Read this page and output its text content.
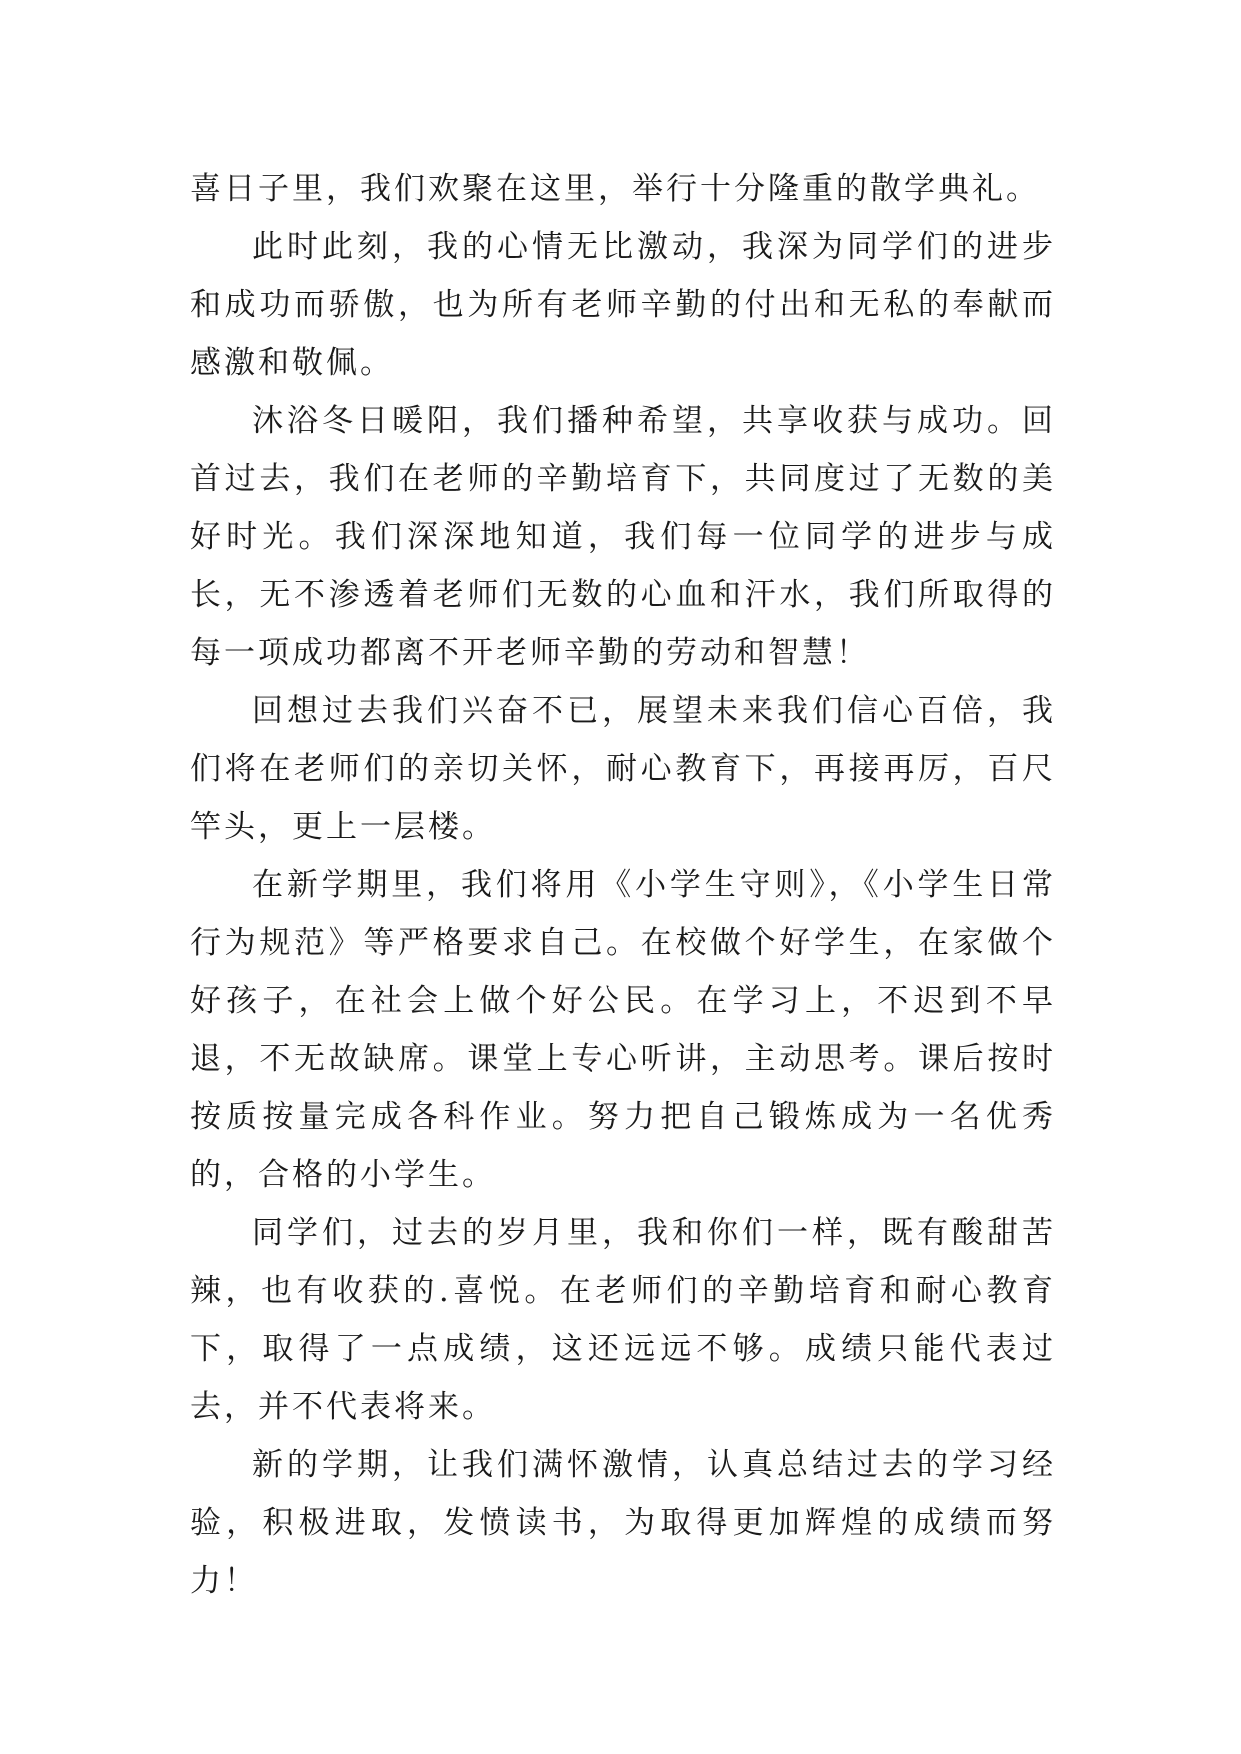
喜日子里，我们欢聚在这里，举行十分隆重的散学典礼。

此时此刻，我的心情无比激动，我深为同学们的进步和成功而骄傲，也为所有老师辛勤的付出和无私的奉献而感激和敬佩。

沐浴冬日暖阳，我们播种希望，共享收获与成功。回首过去，我们在老师的辛勤培育下，共同度过了无数的美好时光。我们深深地知道，我们每一位同学的进步与成长，无不渗透着老师们无数的心血和汗水，我们所取得的每一项成功都离不开老师辛勤的劳动和智慧！

回想过去我们兴奋不已，展望未来我们信心百倍，我们将在老师们的亲切关怀，耐心教育下，再接再厉，百尺竿头，更上一层楼。

在新学期里，我们将用《小学生守则》，《小学生日常行为规范》等严格要求自己。在校做个好学生，在家做个好孩子，在社会上做个好公民。在学习上，不迟到不早退，不无故缺席。课堂上专心听讲，主动思考。课后按时按质按量完成各科作业。努力把自己锻炼成为一名优秀的，合格的小学生。

同学们，过去的岁月里，我和你们一样，既有酸甜苦辣，也有收获的.喜悦。在老师们的辛勤培育和耐心教育下，取得了一点成绩，这还远远不够。成绩只能代表过去，并不代表将来。

新的学期，让我们满怀激情，认真总结过去的学习经验，积极进取，发愤读书，为取得更加辉煌的成绩而努力！
